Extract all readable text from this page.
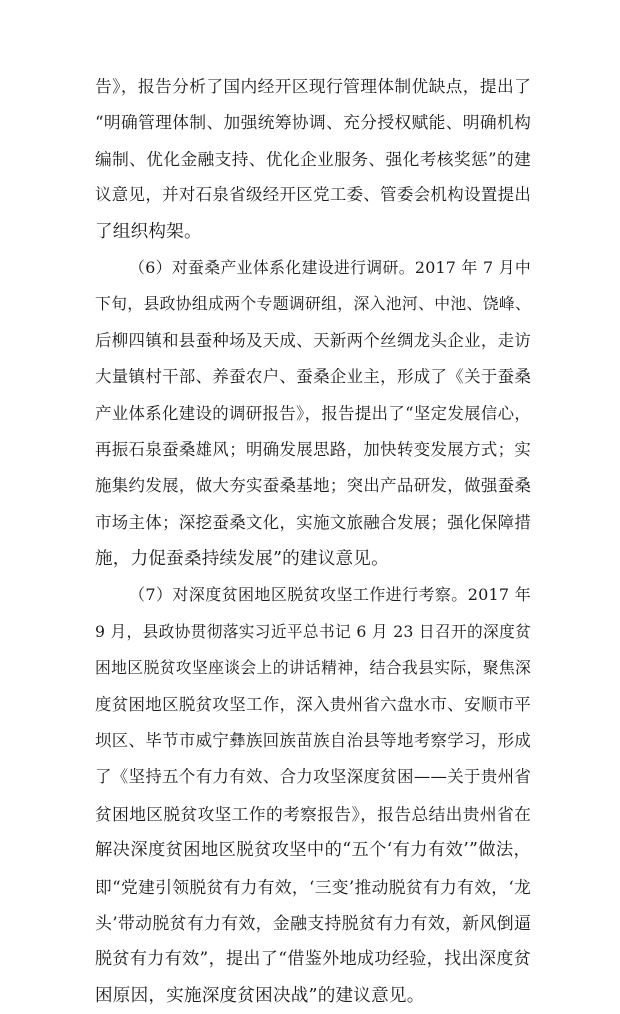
告》，报告分析了国内经开区现行管理体制优缺点，提出了
“明确管理体制、加强统筹协调、充分授权赋能、明确机构
编制、优化金融支持、优化企业服务、强化考核奖惩”的建
议意见，并对石泉省级经开区党工委、管委会机构设置提出
了组织构架。
（6）对蚕桑产业体系化建设进行调研。2017 年 7 月中
下旬，县政协组成两个专题调研组，深入池河、中池、饶峰、
后柳四镇和县蚕种场及天成、天新两个丝绸龙头企业，走访
大量镇村干部、养蚕农户、蚕桑企业主，形成了《关于蚕桑
产业体系化建设的调研报告》，报告提出了“坚定发展信心，
再振石泉蚕桑雄风；明确发展思路，加快转变发展方式；实
施集约发展，做大夯实蚕桑基地；突出产品研发，做强蚕桑
市场主体；深挖蚕桑文化，实施文旅融合发展；强化保障措
施，力促蚕桑持续发展”的建议意见。
（7）对深度贫困地区脱贫攻坚工作进行考察。2017 年
9 月，县政协贯彻落实习近平总书记 6 月 23 日召开的深度贫
困地区脱贫攻坚座谈会上的讲话精神，结合我县实际，聚焦深
度贫困地区脱贫攻坚工作，深入贵州省六盘水市、安顺市平
坝区、毕节市威宁彝族回族苗族自治县等地考察学习，形成
了《坚持五个有力有效、合力攻坚深度贫困——关于贵州省
贫困地区脱贫攻坚工作的考察报告》，报告总结出贵州省在
解决深度贫困地区脱贫攻坚中的“五个‘有力有效’”做法，
即“党建引领脱贫有力有效，‘三变’推动脱贫有力有效，‘龙
头’带动脱贫有力有效，金融支持脱贫有力有效，新风倒逼
脱贫有力有效”，提出了“借鉴外地成功经验，找出深度贫
困原因，实施深度贫困决战”的建议意见。
